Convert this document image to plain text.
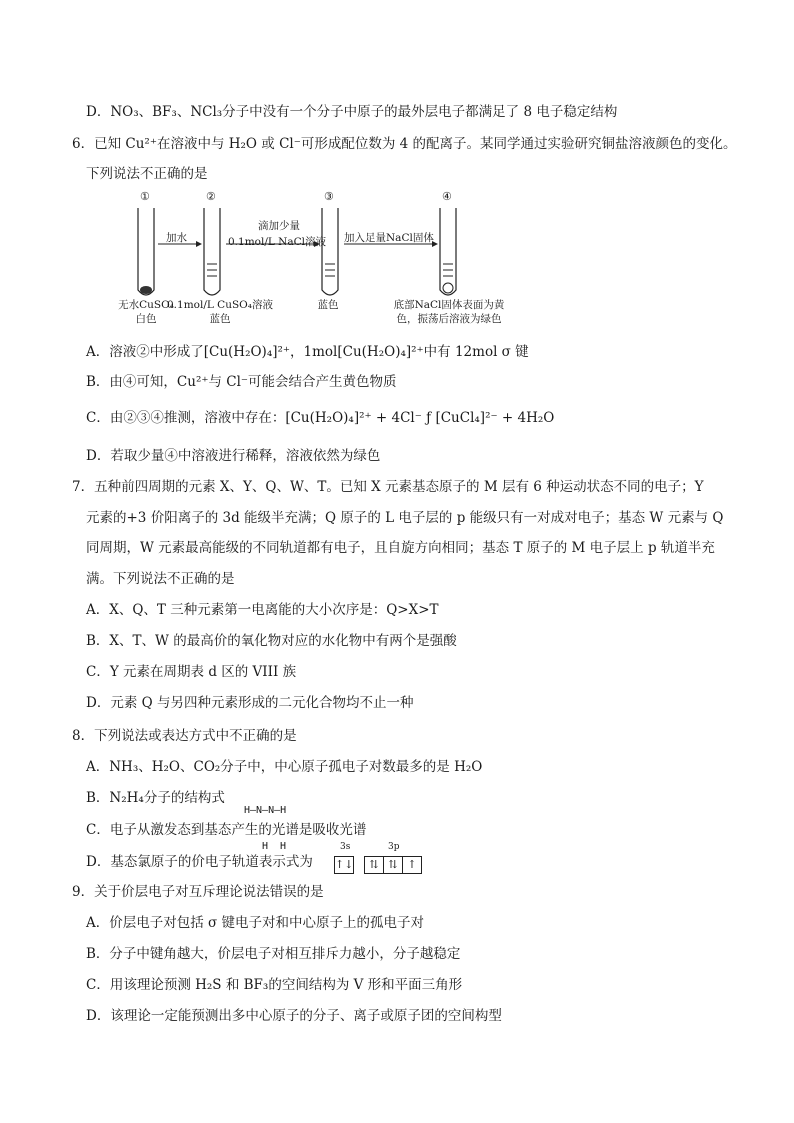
D．NO₃、BF₃、NCl₃分子中没有一个分子中原子的最外层电子都满足了 8 电子稳定结构
6．已知 Cu²⁺在溶液中与 H₂O 或 Cl⁻可形成配位数为 4 的配离子。某同学通过实验研究铜盐溶液颜色的变化。
下列说法不正确的是
①	②	③	④
加水
滴加少量
0.1mol/L NaCl溶液 加入足量NaCl固体
无水CuSO₄
白色
0.1mol/L CuSO₄溶液
蓝色
蓝色	底部NaCl固体表面为黄
色，振荡后溶液为绿色
A．溶液②中形成了[Cu(H₂O)₄]²⁺，1mol[Cu(H₂O)₄]²⁺中有 12mol σ 键
B．由④可知，Cu²⁺与 Cl⁻可能会结合产生黄色物质
C．由②③④推测，溶液中存在：[Cu(H₂O)₄]²⁺ + 4Cl⁻ ƒ [CuCl₄]²⁻ + 4H₂O
D．若取少量④中溶液进行稀释，溶液依然为绿色
7．五种前四周期的元素 X、Y、Q、W、T。已知 X 元素基态原子的 M 层有 6 种运动状态不同的电子；Y
元素的+3 价阳离子的 3d 能级半充满；Q 原子的 L 电子层的 p 能级只有一对成对电子；基态 W 元素与 Q
同周期，W 元素最高能级的不同轨道都有电子，且自旋方向相同；基态 T 原子的 M 电子层上 p 轨道半充
满。下列说法不正确的是
A．X、Q、T 三种元素第一电离能的大小次序是：Q>X>T
B．X、T、W 的最高价的氧化物对应的水化物中有两个是强酸
C．Y 元素在周期表 d 区的 VIII 族
D．元素 Q 与另四种元素形成的二元化合物均不止一种
8．下列说法或表达方式中不正确的是
A．NH₃、H₂O、CO₂分子中，中心原子孤电子对数最多的是 H₂O
B．N₂H₄分子的结构式

H—N—N—H

H  H

C．电子从激发态到基态产生的光谱是吸收光谱
D．基态氯原子的价电子轨道表示式为
3s	3p
↑↓	⇅ ⇅ ↑
9．关于价层电子对互斥理论说法错误的是
A．价层电子对包括 σ 键电子对和中心原子上的孤电子对
B．分子中键角越大，价层电子对相互排斥力越小，分子越稳定
C．用该理论预测 H₂S 和 BF₃的空间结构为 V 形和平面三角形
D．该理论一定能预测出多中心原子的分子、离子或原子团的空间构型
